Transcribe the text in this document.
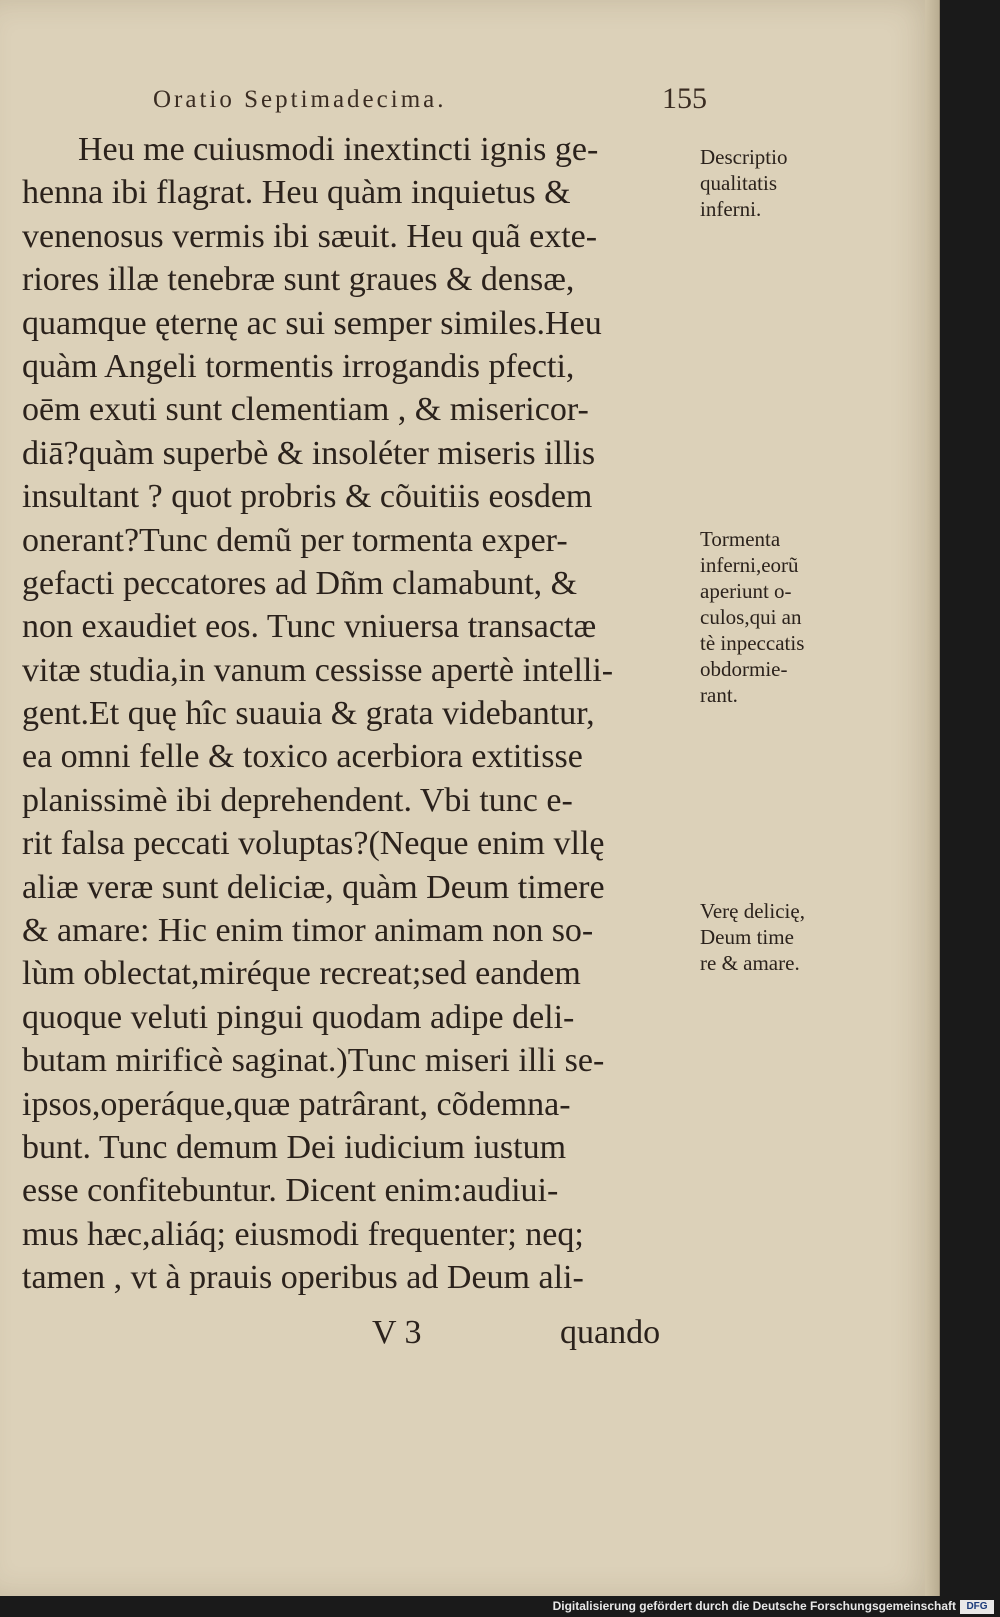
Oratio Septimadecima.	155
Heu me cuiusmodi inextincti ignis ge-
henna ibi flagrat. Heu quàm inquietus &
venenosus vermis ibi sæuit. Heu quã exte-
riores illæ tenebræ sunt graues & densæ,
quamque ęternę ac sui semper similes.Heu
quàm Angeli tormentis irrogandis pfecti,
oēm exuti sunt clementiam , & misericor-
diā?quàm superbè & insoléter miseris illis
insultant ? quot probris & cõuitiis eosdem
onerant?Tunc demũ per tormenta exper-
gefacti peccatores ad Dñm clamabunt, &
non exaudiet eos. Tunc vniuersa transactæ
vitæ studia,in vanum cessisse apertè intelli-
gent.Et quę hîc suauia & grata videbantur,
ea omni felle & toxico acerbiora extitisse
planissimè ibi deprehendent. Vbi tunc e-
rit falsa peccati voluptas?(Neque enim vllę
aliæ veræ sunt deliciæ, quàm Deum timere
& amare: Hic enim timor animam non so-
lùm oblectat,miréque recreat;sed eandem
quoque veluti pingui quodam adipe deli-
butam mirificè saginat.)Tunc miseri illi se-
ipsos,operáque,quæ patrârant, cõdemna-
bunt. Tunc demum Dei iudicium iustum
esse confitebuntur. Dicent enim:audiui-
mus hæc,aliáq; eiusmodi frequenter; neq;
tamen , vt à prauis operibus ad Deum ali-
Descriptio
qualitatis
inferni.
Tormenta
inferni,eorũ
aperiunt o-
culos,qui an
tè inpeccatis
obdormie-
rant.
Verę delicię,
Deum time
re & amare.
V 3	quando
Digitalisierung gefördert durch die Deutsche Forschungsgemeinschaft	DFG
